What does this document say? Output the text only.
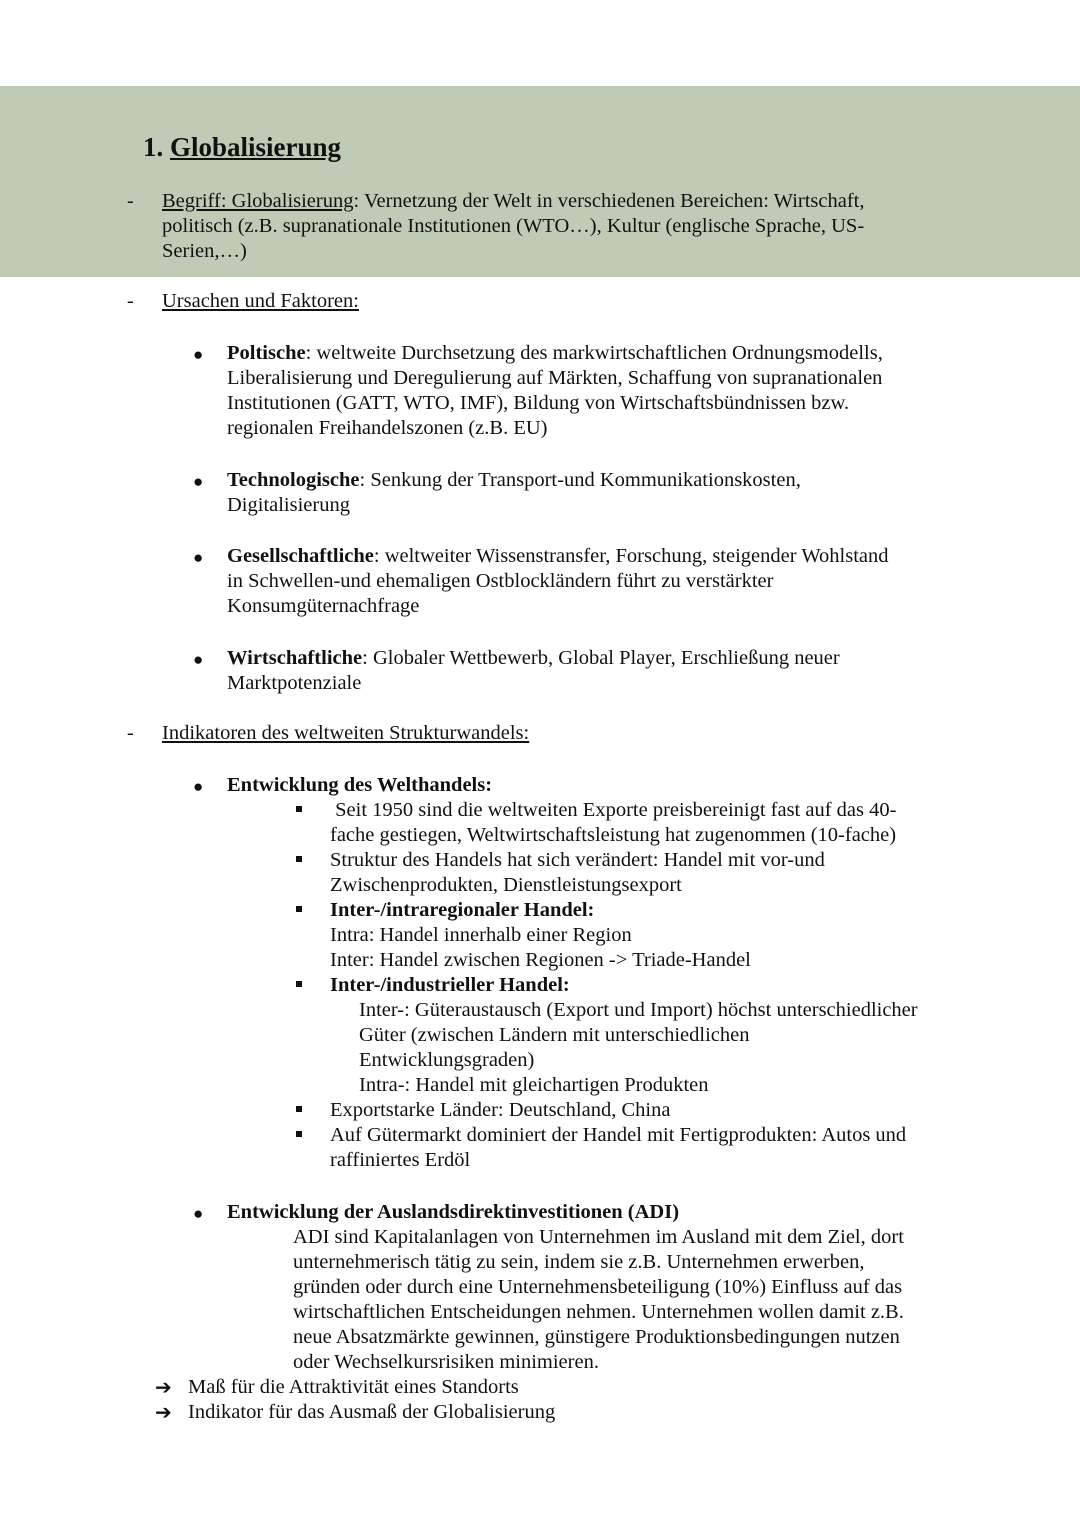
1. Globalisierung
- Begriff: Globalisierung: Vernetzung der Welt in verschiedenen Bereichen: Wirtschaft,
politisch (z.B. supranationale Institutionen (WTO…), Kultur (englische Sprache, US-
Serien,…)
- Ursachen und Faktoren:
● Poltische: weltweite Durchsetzung des markwirtschaftlichen Ordnungsmodells,
Liberalisierung und Deregulierung auf Märkten, Schaffung von supranationalen
Institutionen (GATT, WTO, IMF), Bildung von Wirtschaftsbündnissen bzw.
regionalen Freihandelszonen (z.B. EU)
● Technologische: Senkung der Transport-und Kommunikationskosten,
Digitalisierung
● Gesellschaftliche: weltweiter Wissenstransfer, Forschung, steigender Wohlstand
in Schwellen-und ehemaligen Ostblockländern führt zu verstärkter
Konsumgüternachfrage
● Wirtschaftliche: Globaler Wettbewerb, Global Player, Erschließung neuer
Marktpotenziale
- Indikatoren des weltweiten Strukturwandels:
● Entwicklung des Welthandels:
Seit 1950 sind die weltweiten Exporte preisbereinigt fast auf das 40-
fache gestiegen, Weltwirtschaftsleistung hat zugenommen (10-fache)
Struktur des Handels hat sich verändert: Handel mit vor-und
Zwischenprodukten, Dienstleistungsexport
Inter-/intraregionaler Handel:
Intra: Handel innerhalb einer Region
Inter: Handel zwischen Regionen -> Triade-Handel
Inter-/industrieller Handel:
Inter-: Güteraustausch (Export und Import) höchst unterschiedlicher
Güter (zwischen Ländern mit unterschiedlichen
Entwicklungsgraden)
Intra-: Handel mit gleichartigen Produkten
Exportstarke Länder: Deutschland, China
Auf Gütermarkt dominiert der Handel mit Fertigprodukten: Autos und
raffiniertes Erdöl
● Entwicklung der Auslandsdirektinvestitionen (ADI)
ADI sind Kapitalanlagen von Unternehmen im Ausland mit dem Ziel, dort
unternehmerisch tätig zu sein, indem sie z.B. Unternehmen erwerben,
gründen oder durch eine Unternehmensbeteiligung (10%) Einfluss auf das
wirtschaftlichen Entscheidungen nehmen. Unternehmen wollen damit z.B.
neue Absatzmärkte gewinnen, günstigere Produktionsbedingungen nutzen
oder Wechselkursrisiken minimieren.
➔ Maß für die Attraktivität eines Standorts
➔ Indikator für das Ausmaß der Globalisierung
